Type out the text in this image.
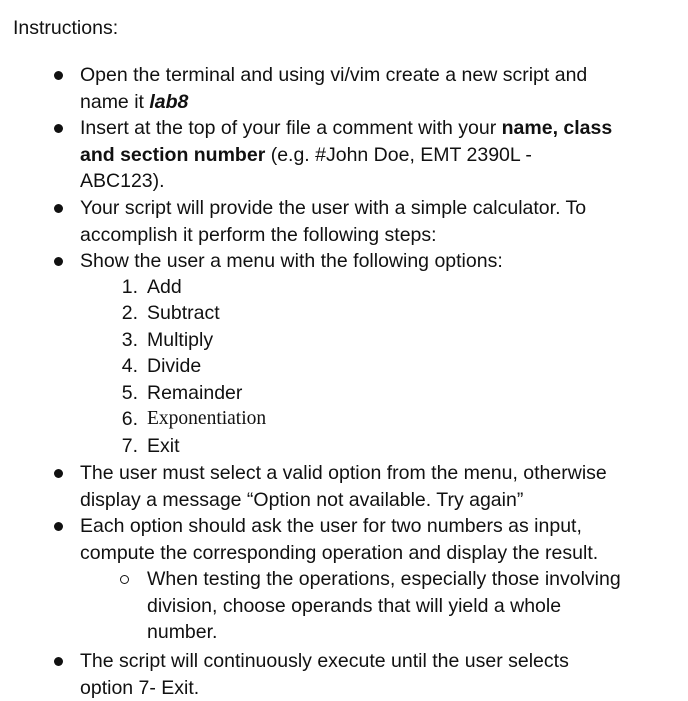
Instructions:
Open the terminal and using vi/vim create a new script and
name it lab8
Insert at the top of your file a comment with your name, class
and section number (e.g. #John Doe, EMT 2390L -
ABC123).
Your script will provide the user with a simple calculator. To
accomplish it perform the following steps:
Show the user a menu with the following options:
1. Add
2. Subtract
3. Multiply
4. Divide
5. Remainder
6. Exponentiation
7. Exit
The user must select a valid option from the menu, otherwise
display a message “Option not available. Try again”
Each option should ask the user for two numbers as input,
compute the corresponding operation and display the result.
When testing the operations, especially those involving
division, choose operands that will yield a whole
number.
The script will continuously execute until the user selects
option 7- Exit.
